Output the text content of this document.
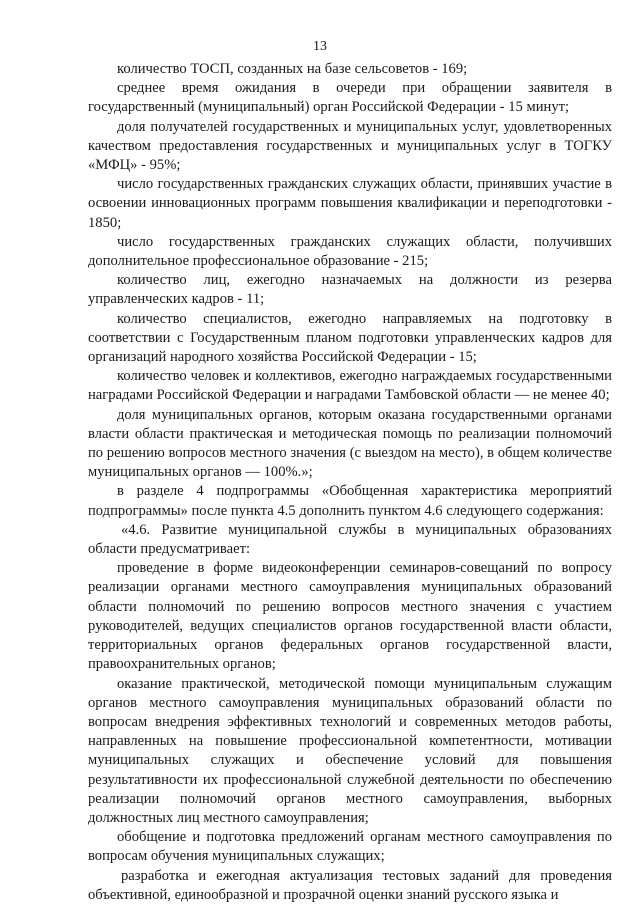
13

количество ТОСП, созданных на базе сельсоветов - 169;

среднее время ожидания в очереди при обращении заявителя в государственный (муниципальный) орган Российской Федерации - 15 минут;

доля получателей государственных и муниципальных услуг, удовлетворенных качеством предоставления государственных и муниципальных услуг в ТОГКУ «МФЦ» - 95%;

число государственных гражданских служащих области, принявших участие в освоении инновационных программ повышения квалификации и переподготовки - 1850;

число государственных гражданских служащих области, получивших дополнительное профессиональное образование - 215;

количество лиц, ежегодно назначаемых на должности из резерва управленческих кадров - 11;

количество специалистов, ежегодно направляемых на подготовку в соответствии с Государственным планом подготовки управленческих кадров для организаций народного хозяйства Российской Федерации - 15;

количество человек и коллективов, ежегодно награждаемых государственными наградами Российской Федерации и наградами Тамбовской области — не менее 40;

доля муниципальных органов, которым оказана государственными органами власти области практическая и методическая помощь по реализации полномочий по решению вопросов местного значения (с выездом на место), в общем количестве муниципальных органов — 100%.»;

в разделе 4 подпрограммы «Обобщенная характеристика мероприятий подпрограммы» после пункта 4.5 дополнить пунктом 4.6 следующего содержания:

«4.6. Развитие муниципальной службы в муниципальных образованиях области предусматривает:

проведение в форме видеоконференции семинаров-совещаний по вопросу реализации органами местного самоуправления муниципальных образований области полномочий по решению вопросов местного значения с участием руководителей, ведущих специалистов органов государственной власти области, территориальных органов федеральных органов государственной власти, правоохранительных органов;

оказание практической, методической помощи муниципальным служащим органов местного самоуправления муниципальных образований области по вопросам внедрения эффективных технологий и современных методов работы, направленных на повышение профессиональной компетентности, мотивации муниципальных служащих и обеспечение условий для повышения результативности их профессиональной служебной деятельности по обеспечению реализации полномочий органов местного самоуправления, выборных должностных лиц местного самоуправления;

обобщение и подготовка предложений органам местного самоуправления по вопросам обучения муниципальных служащих;

разработка и ежегодная актуализация тестовых заданий для проведения объективной, единообразной и прозрачной оценки знаний русского языка и
